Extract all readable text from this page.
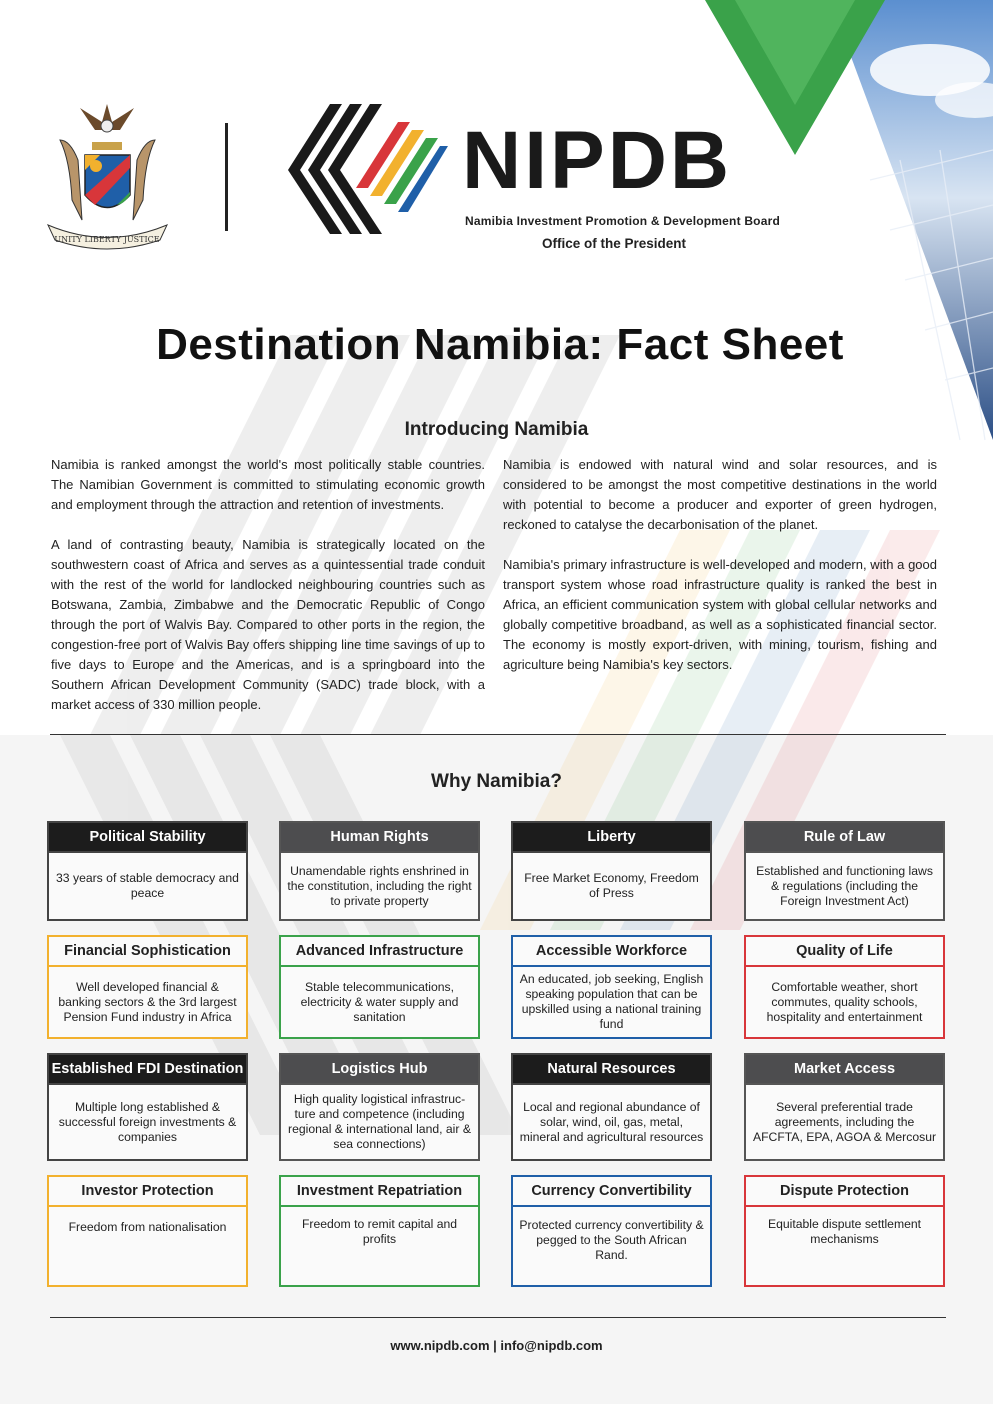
UNITY LIBERTY JUSTICE
NIPDB
Namibia Investment Promotion & Development Board
Office of the President
Destination Namibia: Fact Sheet
Introducing Namibia

Namibia is ranked amongst the world's most politically stable countries. The Namibian Government is committed to stimulating economic growth and employment through the attraction and retention of investments.

A land of contrasting beauty, Namibia is strategically located on the southwestern coast of Africa and serves as a quintessential trade conduit with the rest of the world for landlocked neighbouring countries such as Botswana, Zambia, Zimbabwe and the Democratic Republic of Congo through the port of Walvis Bay. Compared to other ports in the region, the congestion-free port of Walvis Bay offers shipping line time savings of up to five days to Europe and the Americas, and is a springboard into the Southern African Development Community (SADC) trade block, with a market access of 330 million people.

Namibia is endowed with natural wind and solar resources, and is considered to be amongst the most competitive destinations in the world with potential to become a producer and exporter of green hydrogen, reckoned to catalyse the decarbonisation of the planet.

Namibia's primary infrastructure is well-developed and modern, with a good transport system whose road infrastructure quality is ranked the best in Africa, an efficient communication system with global cellular networks and globally competitive broadband, as well as a sophisticated financial sector. The economy is mostly export-driven, with mining, tourism, fishing and agriculture being Namibia's key sectors.

Why Namibia?
Political Stability
33 years of stable democracy and peace
Human Rights
Unamendable rights enshrined in the constitution, including the right to private property
Liberty
Free Market Economy, Freedom of Press
Rule of Law
Established and functioning laws & regulations (including the Foreign Investment Act)
Financial Sophistication
Well developed financial & banking sectors & the 3rd largest Pension Fund industry in Africa
Advanced Infrastructure
Stable telecommunications, electricity & water supply and sanitation
Accessible Workforce
An educated, job seeking, English speaking population that can be upskilled using a national training fund
Quality of Life
Comfortable weather, short commutes, quality schools, hospitality and entertainment
Established FDI Destination
Multiple long established & successful foreign investments & companies
Logistics Hub
High quality logistical infrastruc-ture and competence (including regional & international land, air & sea connections)
Natural Resources
Local and regional abundance of solar, wind, oil, gas, metal, mineral and agricultural resources
Market Access
Several preferential trade agreements, including the AFCFTA, EPA, AGOA & Mercosur
Investor Protection
Freedom from nationalisation
Investment Repatriation
Freedom to remit capital and profits
Currency Convertibility
Protected currency convertibility & pegged to the South African Rand.
Dispute Protection
Equitable dispute settlement mechanisms
www.nipdb.com | info@nipdb.com
